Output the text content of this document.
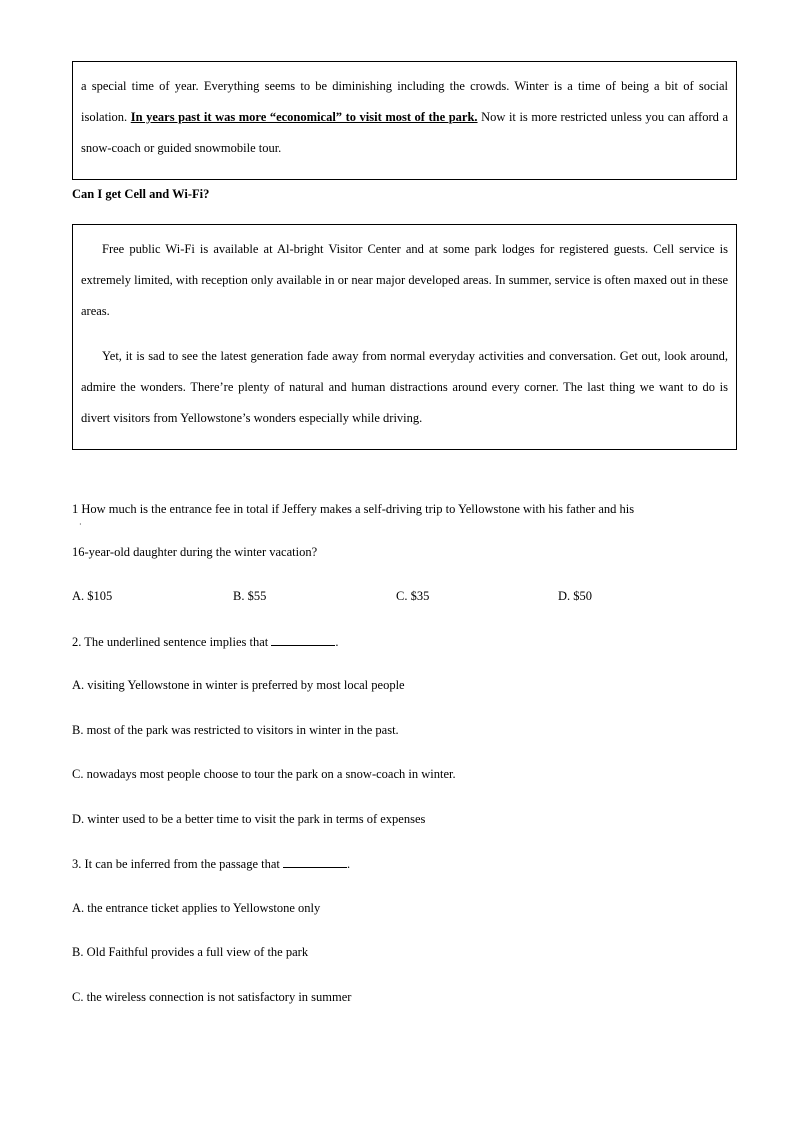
a special time of year. Everything seems to be diminishing including the crowds. Winter is a time of being a bit of social isolation. In years past it was more “economical” to visit most of the park. Now it is more restricted unless you can afford a snow-coach or guided snowmobile tour.

Can I get Cell and Wi-Fi?

Free public Wi-Fi is available at Al-bright Visitor Center and at some park lodges for registered guests. Cell service is extremely limited, with reception only available in or near major developed areas. In summer, service is often maxed out in these areas.

Yet, it is sad to see the latest generation fade away from normal everyday activities and conversation. Get out, look around, admire the wonders. There’re plenty of natural and human distractions around every corner. The last thing we want to do is divert visitors from Yellowstone’s wonders especially while driving.

1 How much is the entrance fee in total if Jeffery makes a self-driving trip to Yellowstone with his father and his
·
16-year-old daughter during the winter vacation?
A. $105	B. $55	C. $35	D. $50
2. The underlined sentence implies that	.
A. visiting Yellowstone in winter is preferred by most local people
B. most of the park was restricted to visitors in winter in the past.
C. nowadays most people choose to tour the park on a snow-coach in winter.
D. winter used to be a better time to visit the park in terms of expenses
3. It can be inferred from the passage that	.
A. the entrance ticket applies to Yellowstone only
B. Old Faithful provides a full view of the park
C. the wireless connection is not satisfactory in summer
